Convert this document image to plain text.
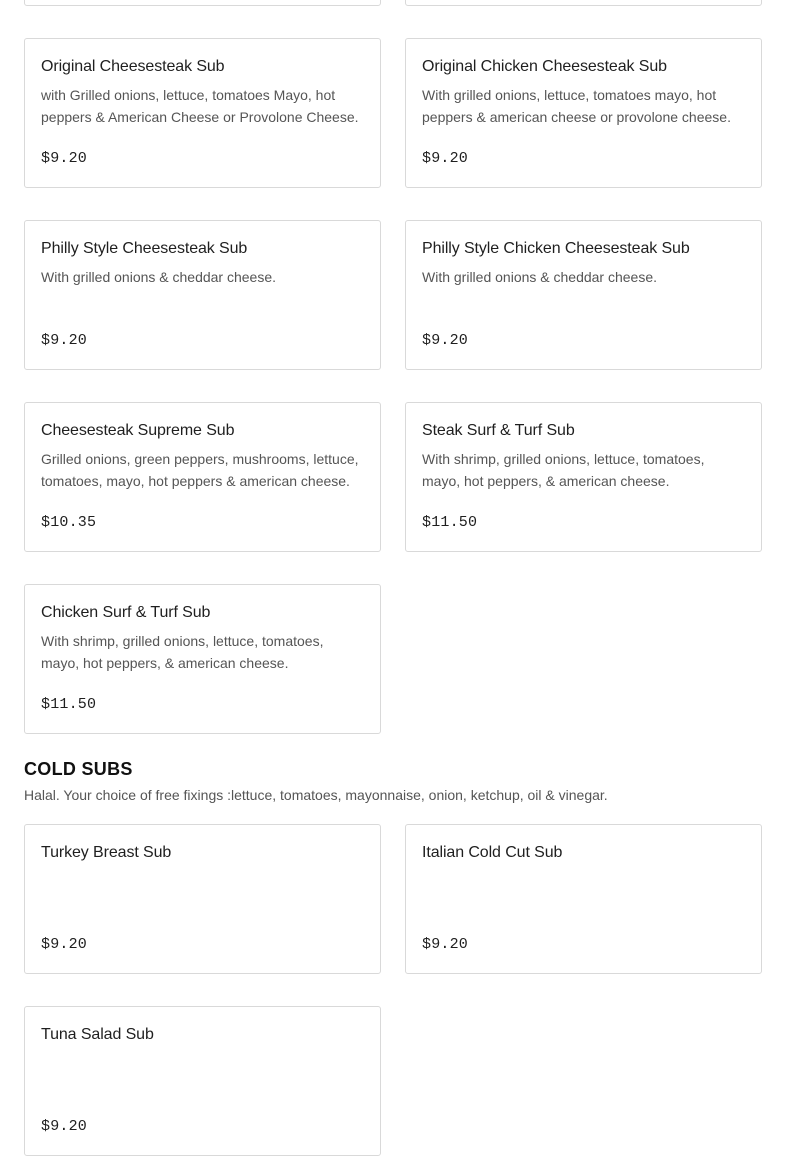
Original Cheesesteak Sub
with Grilled onions, lettuce, tomatoes Mayo, hot peppers & American Cheese or Provolone Cheese.
$9.20
Original Chicken Cheesesteak Sub
With grilled onions, lettuce, tomatoes mayo, hot peppers & american cheese or provolone cheese.
$9.20
Philly Style Cheesesteak Sub
With grilled onions & cheddar cheese.
$9.20
Philly Style Chicken Cheesesteak Sub
With grilled onions & cheddar cheese.
$9.20
Cheesesteak Supreme Sub
Grilled onions, green peppers, mushrooms, lettuce, tomatoes, mayo, hot peppers & american cheese.
$10.35
Steak Surf & Turf Sub
With shrimp, grilled onions, lettuce, tomatoes, mayo, hot peppers, & american cheese.
$11.50
Chicken Surf & Turf Sub
With shrimp, grilled onions, lettuce, tomatoes, mayo, hot peppers, & american cheese.
$11.50
COLD SUBS

Halal. Your choice of free fixings :lettuce, tomatoes, mayonnaise, onion, ketchup, oil & vinegar.

Turkey Breast Sub
$9.20
Italian Cold Cut Sub
$9.20
Tuna Salad Sub
$9.20
